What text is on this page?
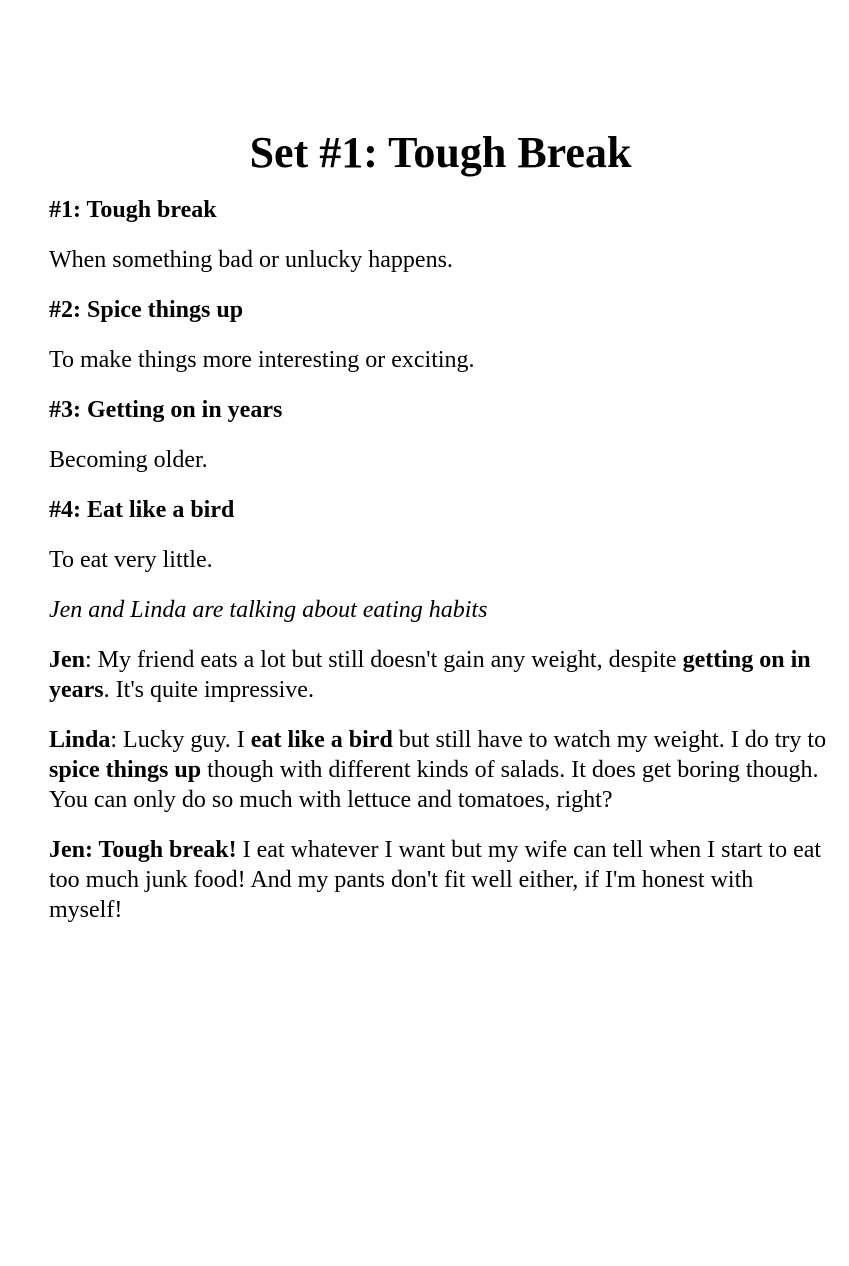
Set #1: Tough Break

#1: Tough break

When something bad or unlucky happens.

#2: Spice things up

To make things more interesting or exciting.

#3: Getting on in years

Becoming older.

#4: Eat like a bird

To eat very little.

Jen and Linda are talking about eating habits

Jen: My friend eats a lot but still doesn't gain any weight, despite getting on in years. It's quite impressive.

Linda: Lucky guy. I eat like a bird but still have to watch my weight. I do try to spice things up though with different kinds of salads. It does get boring though. You can only do so much with lettuce and tomatoes, right?

Jen: Tough break! I eat whatever I want but my wife can tell when I start to eat too much junk food! And my pants don't fit well either, if I'm honest with myself!
